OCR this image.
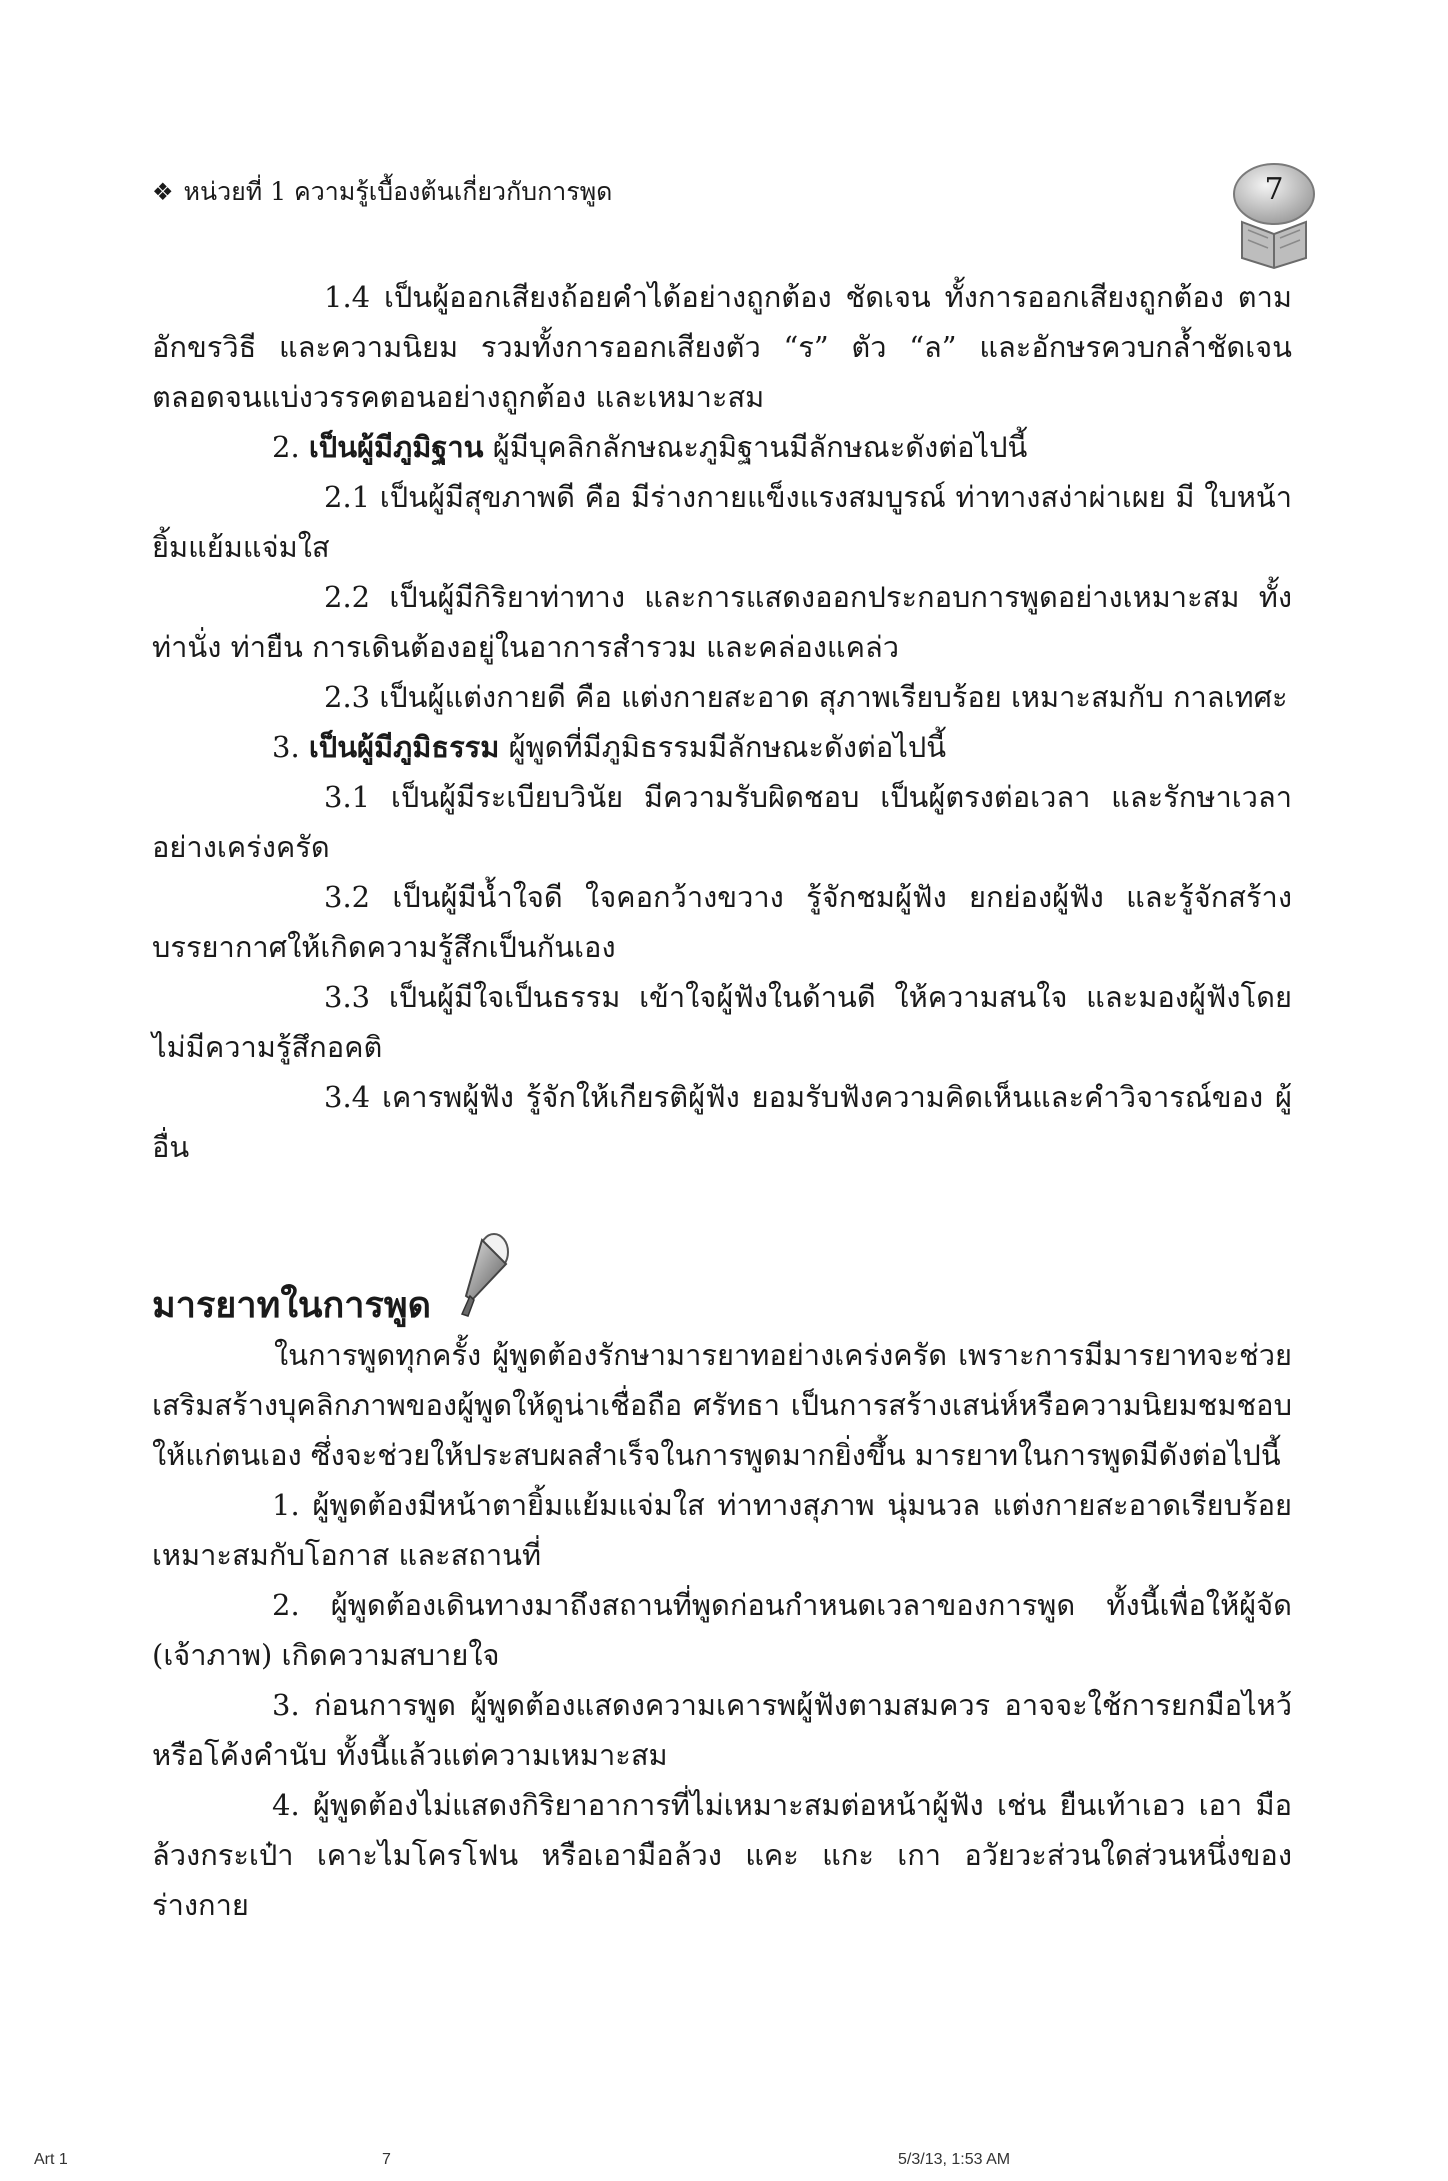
❖ หน่วยที่ 1 ความรู้เบื้องต้นเกี่ยวกับการพูด	7

1.4 เป็นผู้ออกเสียงถ้อยคำได้อย่างถูกต้อง ชัดเจน ทั้งการออกเสียงถูกต้อง ตามอักขรวิธี และความนิยม รวมทั้งการออกเสียงตัว “ร” ตัว “ล” และอักษรควบกล้ำชัดเจน ตลอดจนแบ่งวรรคตอนอย่างถูกต้อง และเหมาะสม

2. เป็นผู้มีภูมิฐาน ผู้มีบุคลิกลักษณะภูมิฐานมีลักษณะดังต่อไปนี้

2.1 เป็นผู้มีสุขภาพดี คือ มีร่างกายแข็งแรงสมบูรณ์ ท่าทางสง่าผ่าเผย มี ใบหน้ายิ้มแย้มแจ่มใส

2.2 เป็นผู้มีกิริยาท่าทาง และการแสดงออกประกอบการพูดอย่างเหมาะสม ทั้ง ท่านั่ง ท่ายืน การเดินต้องอยู่ในอาการสำรวม และคล่องแคล่ว

2.3 เป็นผู้แต่งกายดี คือ แต่งกายสะอาด สุภาพเรียบร้อย เหมาะสมกับ กาลเทศะ

3. เป็นผู้มีภูมิธรรม ผู้พูดที่มีภูมิธรรมมีลักษณะดังต่อไปนี้

3.1 เป็นผู้มีระเบียบวินัย มีความรับผิดชอบ เป็นผู้ตรงต่อเวลา และรักษาเวลา อย่างเคร่งครัด

3.2 เป็นผู้มีน้ำใจดี ใจคอกว้างขวาง รู้จักชมผู้ฟัง ยกย่องผู้ฟัง และรู้จักสร้าง บรรยากาศให้เกิดความรู้สึกเป็นกันเอง

3.3 เป็นผู้มีใจเป็นธรรม เข้าใจผู้ฟังในด้านดี ให้ความสนใจ และมองผู้ฟังโดย ไม่มีความรู้สึกอคติ

3.4 เคารพผู้ฟัง รู้จักให้เกียรติผู้ฟัง ยอมรับฟังความคิดเห็นและคำวิจารณ์ของ ผู้อื่น

มารยาทในการพูด

ในการพูดทุกครั้ง ผู้พูดต้องรักษามารยาทอย่างเคร่งครัด เพราะการมีมารยาทจะช่วย เสริมสร้างบุคลิกภาพของผู้พูดให้ดูน่าเชื่อถือ ศรัทธา เป็นการสร้างเสน่ห์หรือความนิยมชมชอบ ให้แก่ตนเอง ซึ่งจะช่วยให้ประสบผลสำเร็จในการพูดมากยิ่งขึ้น มารยาทในการพูดมีดังต่อไปนี้

1. ผู้พูดต้องมีหน้าตายิ้มแย้มแจ่มใส ท่าทางสุภาพ นุ่มนวล แต่งกายสะอาดเรียบร้อย เหมาะสมกับโอกาส และสถานที่

2. ผู้พูดต้องเดินทางมาถึงสถานที่พูดก่อนกำหนดเวลาของการพูด ทั้งนี้เพื่อให้ผู้จัด (เจ้าภาพ) เกิดความสบายใจ

3. ก่อนการพูด ผู้พูดต้องแสดงความเคารพผู้ฟังตามสมควร อาจจะใช้การยกมือไหว้ หรือโค้งคำนับ ทั้งนี้แล้วแต่ความเหมาะสม

4. ผู้พูดต้องไม่แสดงกิริยาอาการที่ไม่เหมาะสมต่อหน้าผู้ฟัง เช่น ยืนเท้าเอว เอา มือล้วงกระเป๋า เคาะไมโครโฟน หรือเอามือล้วง แคะ แกะ เกา อวัยวะส่วนใดส่วนหนึ่งของ ร่างกาย

Art 1	7	5/3/13, 1:53 AM
